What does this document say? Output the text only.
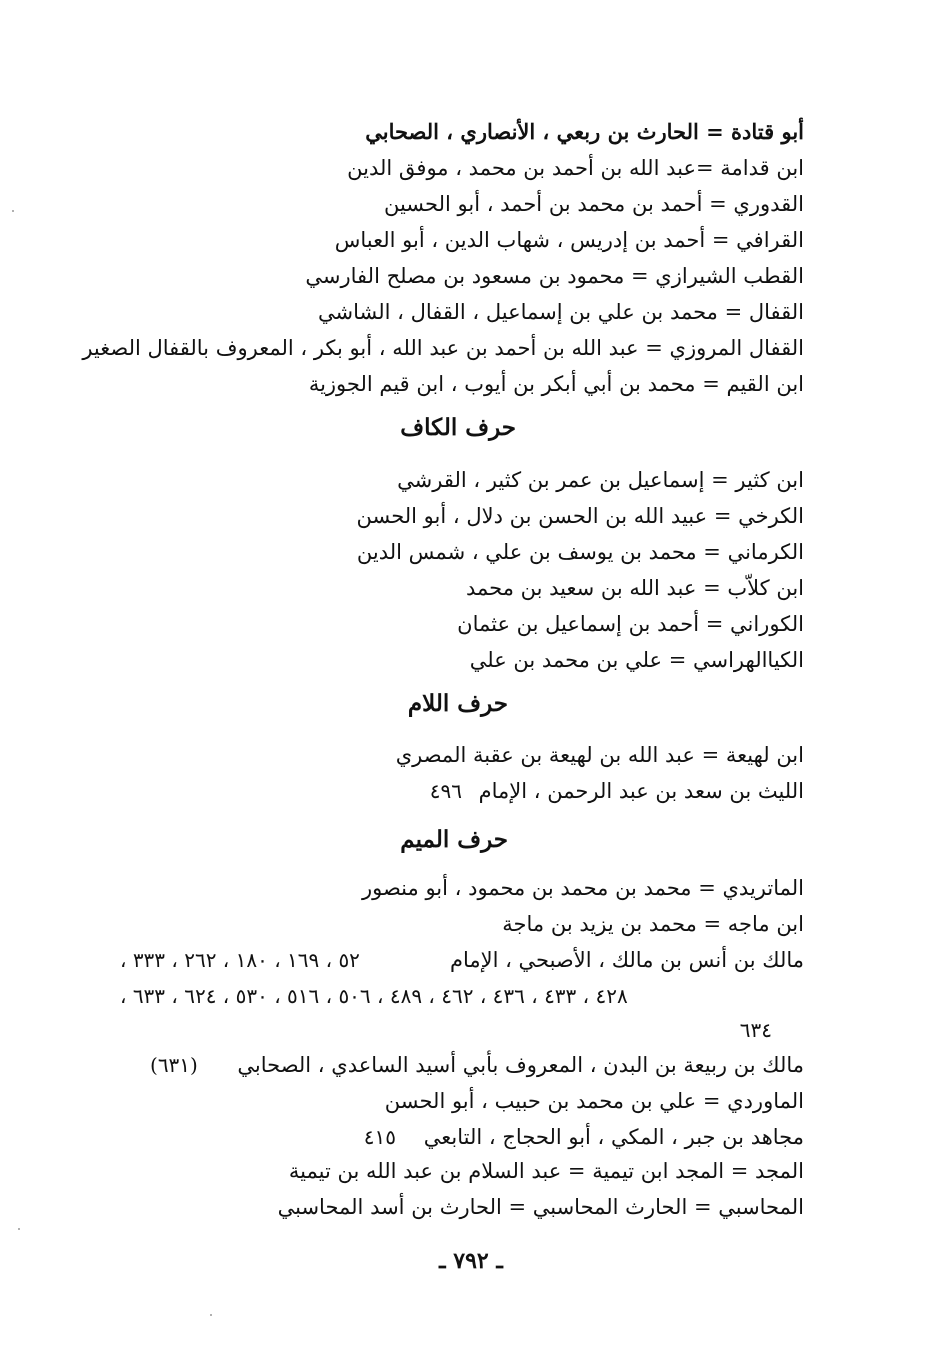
أبو قتادة = الحارث بن ربعي ، الأنصاري ، الصحابي
ابن قدامة =عبد الله بن أحمد بن محمد ، موفق الدين
القدوري = أحمد بن محمد بن أحمد ، أبو الحسين
القرافي = أحمد بن إدريس ، شهاب الدين ، أبو العباس
القطب الشيرازي = محمود بن مسعود بن مصلح الفارسي
القفال = محمد بن علي بن إسماعيل ، القفال ، الشاشي
القفال المروزي = عبد الله بن أحمد بن عبد الله ، أبو بكر ، المعروف بالقفال الصغير
ابن القيم = محمد بن أبي أبكر بن أيوب ، ابن قيم الجوزية
حرف الكاف
ابن كثير = إسماعيل بن عمر بن كثير ، القرشي
الكرخي = عبيد الله بن الحسن بن دلال ، أبو الحسن
الكرماني = محمد بن يوسف بن علي ، شمس الدين
ابن كلاّب = عبد الله بن سعيد بن محمد
الكوراني = أحمد بن إسماعيل بن عثمان
الكياالهراسي = علي بن محمد بن علي
حرف اللام
ابن لهيعة = عبد الله بن لهيعة بن عقبة المصري
الليث بن سعد بن عبد الرحمن ، الإمام
٤٩٦
حرف الميم
الماتريدي = محمد بن محمد بن محمود ، أبو منصور
ابن ماجه = محمد بن يزيد بن ماجة
مالك بن أنس بن مالك ، الأصبحي ، الإمام
٥٢ ، ١٦٩ ، ١٨٠ ، ٢٦٢ ، ٣٣٣ ،
٤٢٨ ، ٤٣٣ ، ٤٣٦ ، ٤٦٢ ، ٤٨٩ ، ٥٠٦ ، ٥١٦ ، ٥٣٠ ، ٦٢٤ ، ٦٣٣ ،
٦٣٤
مالك بن ربيعة بن البدن ، المعروف بأبي أسيد الساعدي ، الصحابي
(٦٣١)
الماوردي = علي بن محمد بن حبيب ، أبو الحسن
مجاهد بن جبر ، المكي ، أبو الحجاج ، التابعي
٤١٥
المجد = المجد ابن تيمية = عبد السلام بن عبد الله بن تيمية
المحاسبي = الحارث المحاسبي = الحارث بن أسد المحاسبي
ـ ٧٩٢ ـ
